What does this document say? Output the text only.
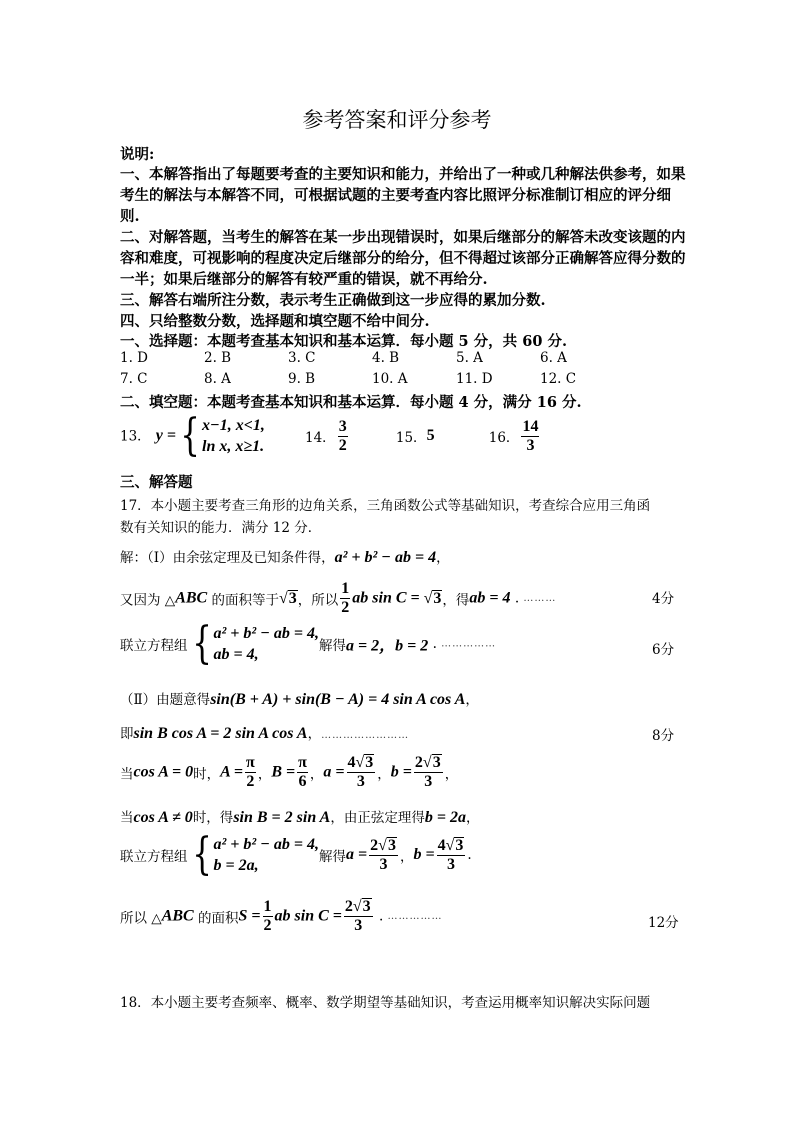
参考答案和评分参考
说明:
一、本解答指出了每题要考查的主要知识和能力，并给出了一种或几种解法供参考，如果
考生的解法与本解答不同，可根据试题的主要考查内容比照评分标准制订相应的评分细
则.
二、对解答题，当考生的解答在某一步出现错误时，如果后继部分的解答未改变该题的内
容和难度，可视影响的程度决定后继部分的给分，但不得超过该部分正确解答应得分数的
一半；如果后继部分的解答有较严重的错误，就不再给分.
三、解答右端所注分数，表示考生正确做到这一步应得的累加分数.
四、只给整数分数，选择题和填空题不给中间分.
一、选择题：本题考查基本知识和基本运算．每小题 5 分，共 60 分.
1. D	2. B	3. C	4. B	5. A	6. A
7. C	8. A	9. B	10. A	11. D	12. C
二、填空题：本题考查基本知识和基本运算．每小题 4 分，满分 16 分.
13． y ={ x−1, x<1,
ln x, x≥1.	14． $\frac{3}{2}$	15．5	16． $\frac{14}{3}$
三、解答题
17．本小题主要考查三角形的边角关系，三角函数公式等基础知识，考查综合应用三角函
数有关知识的能力．满分 12 分．
解：（Ⅰ）由余弦定理及已知条件得，a² + b² − ab = 4，
又因为 △ABC 的面积等于√3，所以 $\frac{1}{2}$ ab sin C = √3，得ab = 4 . ………	4分
联立方程组{ a² + b² − ab = 4,
ab = 4,	解得a = 2，b = 2 . ……………	6分
（Ⅱ）由题意得sin(B + A) + sin(B − A) = 4 sin A cos A，
即sin B cos A = 2 sin A cos A，……………………	8分
当cos A = 0时，$A = \frac{\pi}{2}$ ，$B = \frac{\pi}{6}$ ，$a = \frac{4√3}{3}$ ，$b = \frac{2√3}{3}$ ，
当cos A ≠ 0时，得sin B = 2 sin A，由正弦定理得b = 2a，
联立方程组{ a² + b² − ab = 4,
b = 2a,	解得$a = \frac{2√3}{3}$ ，$b = \frac{4√3}{3}$ .
所以 △ABC 的面积$S = \frac{1}{2}$ ab $\sin C = \frac{2√3}{3}$ . ……………	12分
18．本小题主要考查频率、概率、数学期望等基础知识，考查运用概率知识解决实际问题
